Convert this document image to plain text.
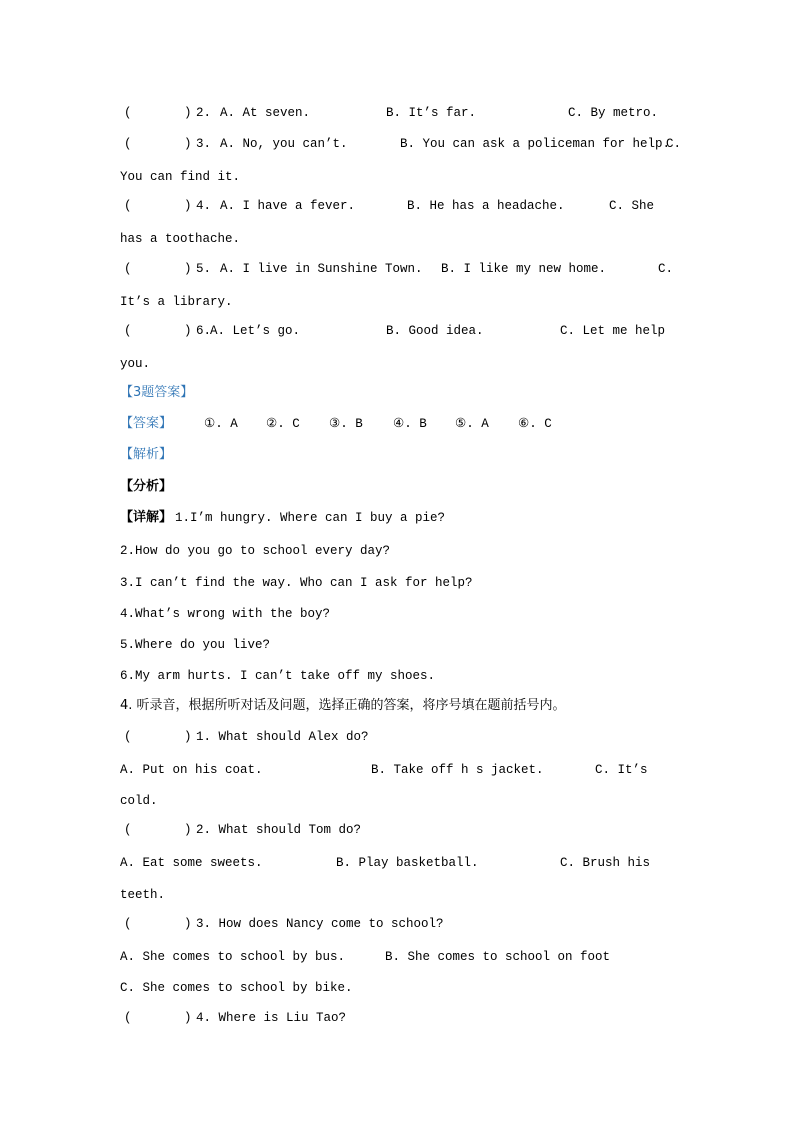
(       )

2.

A. At seven.

	B. It’s far.

	C. By metro.

(       )

3.

A. No, you can’t.

	B. You can ask a policeman for help.

C.

You can find it.

(       )

4.

A. I have a fever.

	B. He has a headache.

	C. She

has a toothache.

(       )

5.

A. I live in Sunshine Town.

B. I like my new home.

	C.

It’s a library.

(       )

6.

A. Let’s go.

	B. Good idea.

	C. Let me help

you.
【3题答案】

【答案】

	①. A

②. C

③. B

④. B

⑤. A

⑥. C

【解析】
【分析】

【详解】

1.I’m hungry. Where can I buy a pie?

2.How do you go to school every day?
3.I can’t find the way. Who can I ask for help?
4.What’s wrong with the boy?
5.Where do you live?
6.My arm hurts. I can’t take off my shoes.
4. 听录音，根据所听对话及问题，选择正确的答案，将序号填在题前括号内。

(       )

1. What should Alex do?

A. Put on his coat.

	B. Take off h s jacket.

	C. It’s

cold.

(       )

2. What should Tom do?

A. Eat some sweets.

	B. Play basketball.

	C. Brush his

teeth.

(       )

3. How does Nancy come to school?

A. She comes to school by bus.

	B. She comes to school on foot

C. She comes to school by bike.

(       )

4. Where is Liu Tao?
